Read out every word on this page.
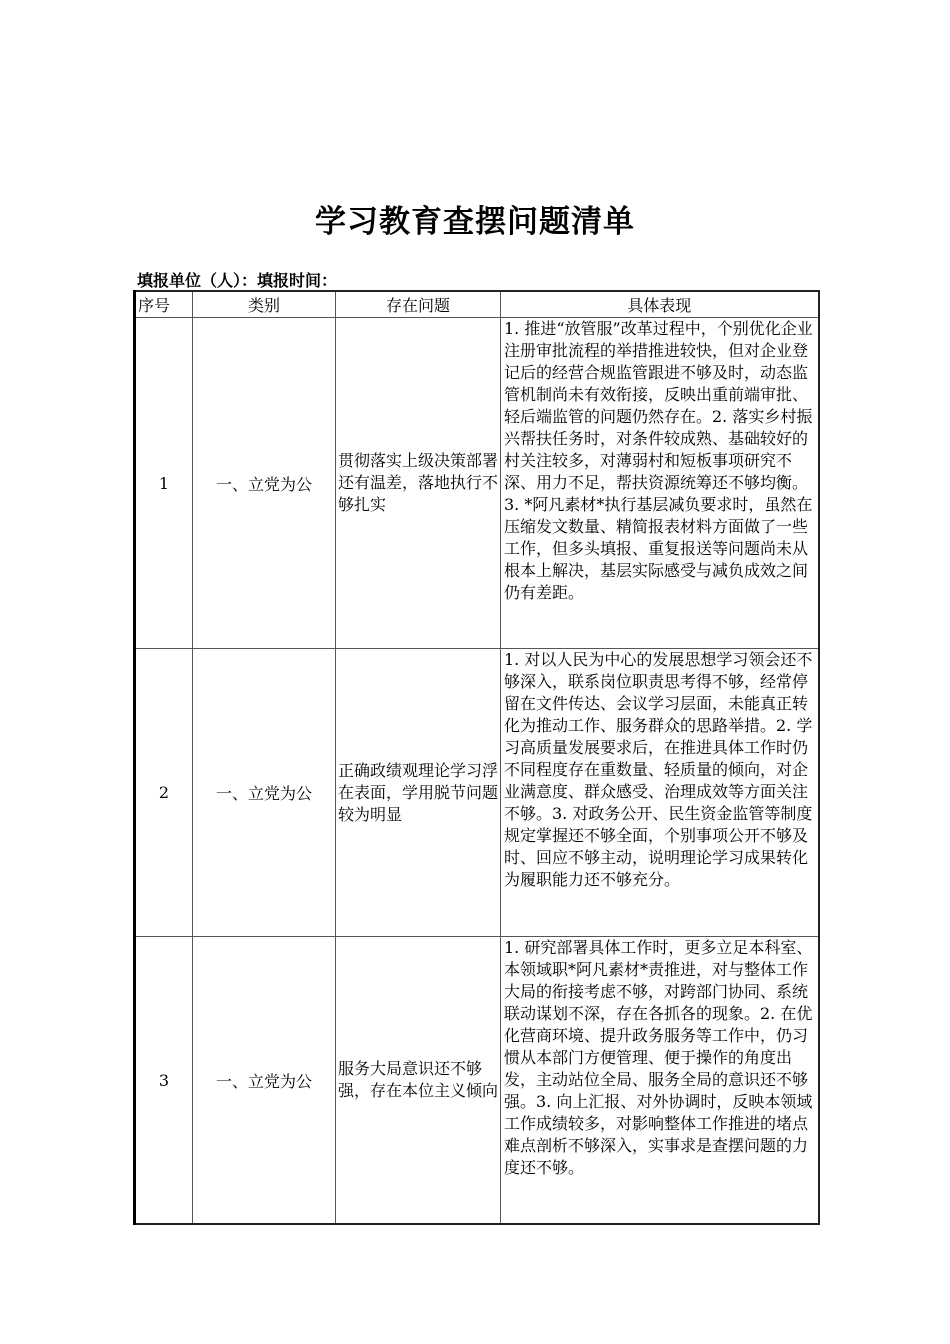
学习教育查摆问题清单
填报单位（人）：填报时间：
序号	类别	存在问题	具体表现
1	一、立党为公	贯彻落实上级决策部署还有温差，落地执行不够扎实	1. 推进“放管服”改革过程中，个别优化企业注册审批流程的举措推进较快，但对企业登记后的经营合规监管跟进不够及时，动态监管机制尚未有效衔接，反映出重前端审批、轻后端监管的问题仍然存在。2. 落实乡村振兴帮扶任务时，对条件较成熟、基础较好的村关注较多，对薄弱村和短板事项研究不深、用力不足，帮扶资源统筹还不够均衡。3. *阿凡素材*执行基层减负要求时，虽然在压缩发文数量、精简报表材料方面做了一些工作，但多头填报、重复报送等问题尚未从根本上解决，基层实际感受与减负成效之间仍有差距。
2	一、立党为公	正确政绩观理论学习浮在表面，学用脱节问题较为明显	1. 对以人民为中心的发展思想学习领会还不够深入，联系岗位职责思考得不够，经常停留在文件传达、会议学习层面，未能真正转化为推动工作、服务群众的思路举措。2. 学习高质量发展要求后，在推进具体工作时仍不同程度存在重数量、轻质量的倾向，对企业满意度、群众感受、治理成效等方面关注不够。3. 对政务公开、民生资金监管等制度规定掌握还不够全面，个别事项公开不够及时、回应不够主动，说明理论学习成果转化为履职能力还不够充分。
3	一、立党为公	服务大局意识还不够强，存在本位主义倾向	1. 研究部署具体工作时，更多立足本科室、本领域职*阿凡素材*责推进，对与整体工作大局的衔接考虑不够，对跨部门协同、系统联动谋划不深，存在各抓各的现象。2. 在优化营商环境、提升政务服务等工作中，仍习惯从本部门方便管理、便于操作的角度出发，主动站位全局、服务全局的意识还不够强。3. 向上汇报、对外协调时，反映本领域工作成绩较多，对影响整体工作推进的堵点难点剖析不够深入，实事求是查摆问题的力度还不够。
